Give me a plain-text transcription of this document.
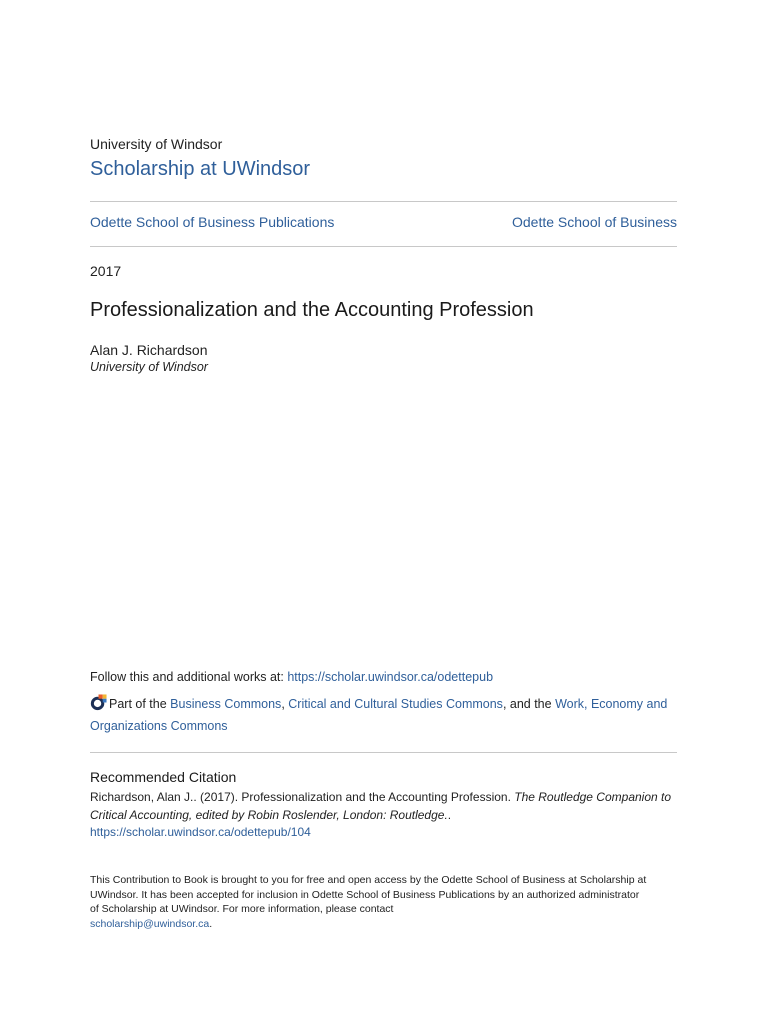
University of Windsor
Scholarship at UWindsor
Odette School of Business Publications	Odette School of Business
2017
Professionalization and the Accounting Profession
Alan J. Richardson
University of Windsor
Follow this and additional works at: https://scholar.uwindsor.ca/odettepub
Part of the Business Commons, Critical and Cultural Studies Commons, and the Work, Economy and Organizations Commons
Recommended Citation
Richardson, Alan J.. (2017). Professionalization and the Accounting Profession. The Routledge Companion to Critical Accounting, edited by Robin Roslender, London: Routledge..
https://scholar.uwindsor.ca/odettepub/104
This Contribution to Book is brought to you for free and open access by the Odette School of Business at Scholarship at UWindsor. It has been accepted for inclusion in Odette School of Business Publications by an authorized administrator of Scholarship at UWindsor. For more information, please contact
scholarship@uwindsor.ca.
